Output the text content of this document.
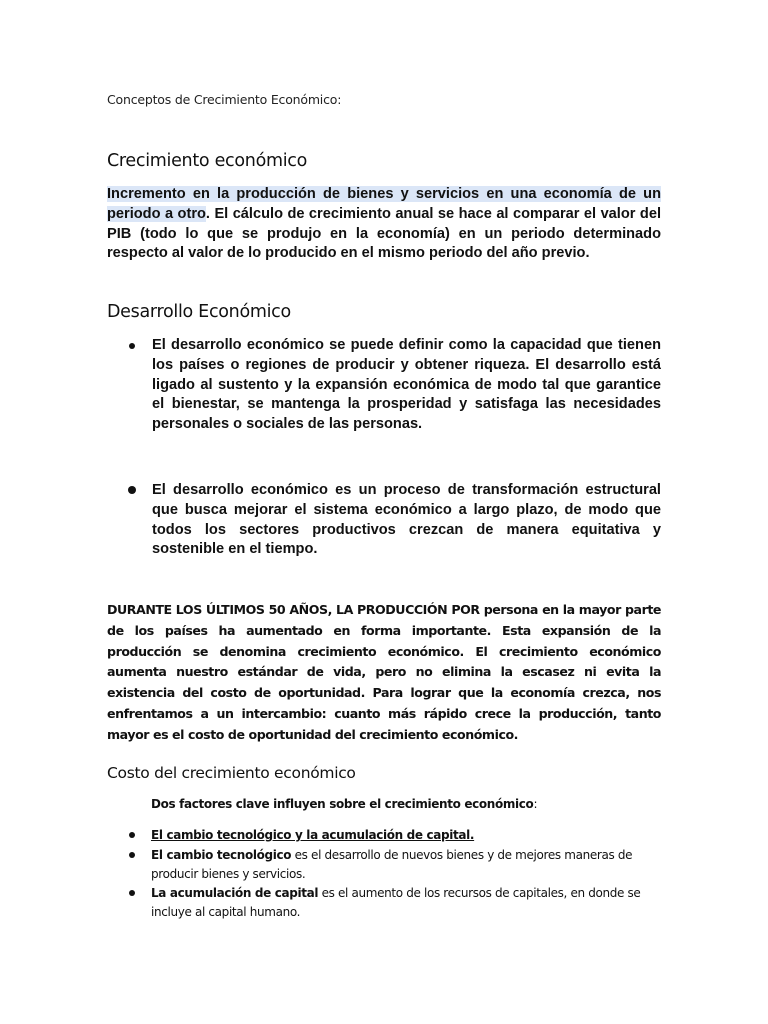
Conceptos de Crecimiento Económico:
Crecimiento económico
Incremento en la producción de bienes y servicios en una economía de un periodo a otro. El cálculo de crecimiento anual se hace al comparar el valor del PIB (todo lo que se produjo en la economía) en un periodo determinado respecto al valor de lo producido en el mismo periodo del año previo.
Desarrollo Económico
El desarrollo económico se puede definir como la capacidad que tienen los países o regiones de producir y obtener riqueza. El desarrollo está ligado al sustento y la expansión económica de modo tal que garantice el bienestar, se mantenga la prosperidad y satisfaga las necesidades personales o sociales de las personas.
El desarrollo económico es un proceso de transformación estructural que busca mejorar el sistema económico a largo plazo, de modo que todos los sectores productivos crezcan de manera equitativa y sostenible en el tiempo.
DURANTE LOS ÚLTIMOS 50 AÑOS, LA PRODUCCIÓN POR persona en la mayor parte de los países ha aumentado en forma importante. Esta expansión de la producción se denomina crecimiento económico. El crecimiento económico aumenta nuestro estándar de vida, pero no elimina la escasez ni evita la existencia del costo de oportunidad. Para lograr que la economía crezca, nos enfrentamos a un intercambio: cuanto más rápido crece la producción, tanto mayor es el costo de oportunidad del crecimiento económico.
Costo del crecimiento económico
Dos factores clave influyen sobre el crecimiento económico:
El cambio tecnológico y la acumulación de capital.
El cambio tecnológico es el desarrollo de nuevos bienes y de mejores maneras de producir bienes y servicios.
La acumulación de capital es el aumento de los recursos de capitales, en donde se incluye al capital humano.
